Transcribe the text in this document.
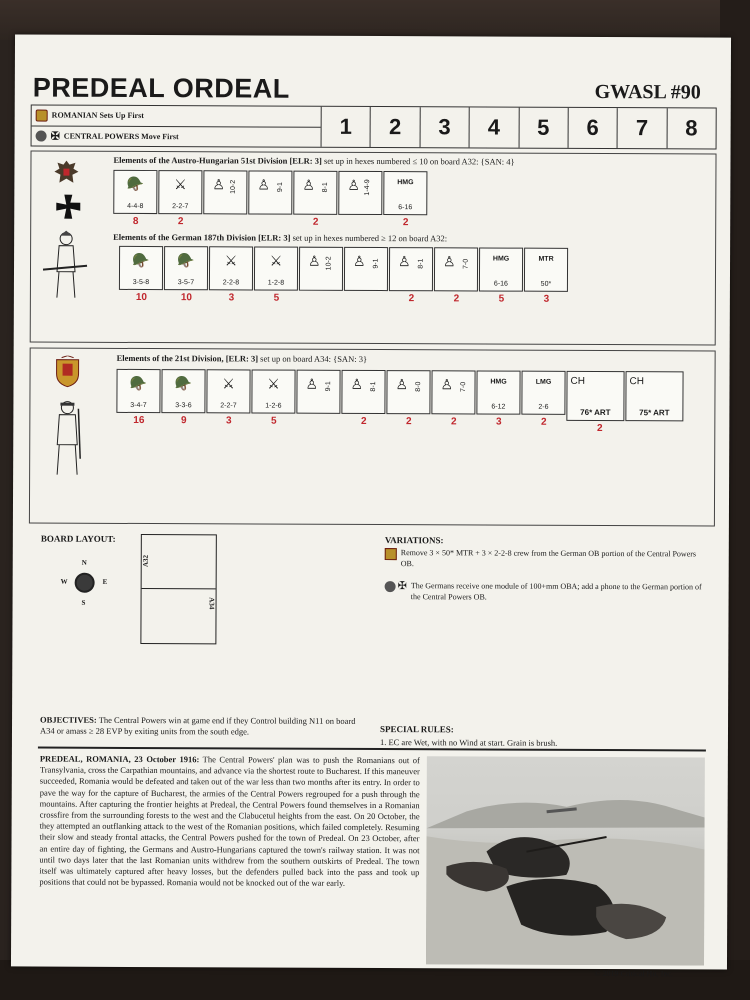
PREDEAL ORDEAL	GWASL #90
ROMANIAN Sets Up First
✠ CENTRAL POWERS Move First	1	2	3	4	5	6	7	8
Elements of the Austro-Hungarian 51st Division [ELR: 3] set up in hexes numbered ≤ 10 on board A32: {SAN: 4}
🪖
4-4-8
⚔
2-2-7
♙ 10-2	♙ 9-1	♙ 8-1	♙ 1-4-9	HMG
6-16
8	2	2	2
Elements of the German 187th Division [ELR: 3] set up in hexes numbered ≥ 12 on board A32:
🪖
3-5-8
🪖
3-5-7
⚔
2-2-8
⚔
1-2-8
♙ 10-2	♙ 9-1	♙ 8-1	♙ 7-0	HMG
6-16
MTR
50*
10	10	3	5	2	2	5	3
Elements of the 21st Division, [ELR: 3] set up on board A34: {SAN: 3}
🪖
3-4-7
🪖
3-3-6
⚔
2-2-7
⚔
1-2-6
♙ 9-1	♙ 8-1	♙ 8-0	♙ 7-0	HMG
6-12
LMG
2-6
CH
76* ART
CH
75* ART
16	9	3	5	2	2	2	3	2
2
BOARD LAYOUT:
N
S
E
W
A32
A34
VARIATIONS:
Remove 3 × 50* MTR + 3 × 2-2-8 crew from the German OB portion of the Central Powers OB.
✠ The Germans receive one module of 100+mm OBA; add a phone to the German portion of the Central Powers OB.
OBJECTIVES: The Central Powers win at game end if they Control building N11 on board A34 or amass ≥ 28 EVP by exiting units from the south edge.	SPECIAL RULES:
1. EC are Wet, with no Wind at start. Grain is brush.
PREDEAL, ROMANIA, 23 October 1916: The Central Powers' plan was to push the Romanians out of Transylvania, cross the Carpathian mountains, and advance via the shortest route to Bucharest. If this maneuver succeeded, Romania would be defeated and taken out of the war less than two months after its entry. In order to pave the way for the capture of Bucharest, the armies of the Central Powers regrouped for a push through the mountains. After capturing the frontier heights at Predeal, the Central Powers found themselves in a Romanian crossfire from the surrounding forests to the west and the Clabucetul heights from the east. On 20 October, the they attempted an outflanking attack to the west of the Romanian positions, which failed completely. Resuming their slow and steady frontal attacks, the Central Powers pushed for the town of Predeal. On 23 October, after an entire day of fighting, the Germans and Austro-Hungarians captured the town's railway station. It was not until two days later that the last Romanian units withdrew from the southern outskirts of Predeal. The town itself was ultimately captured after heavy losses, but the defenders pulled back into the pass and took up positions that could not be bypassed. Romania would not be knocked out of the war early.
© 2019 Critical Hit, Inc.
